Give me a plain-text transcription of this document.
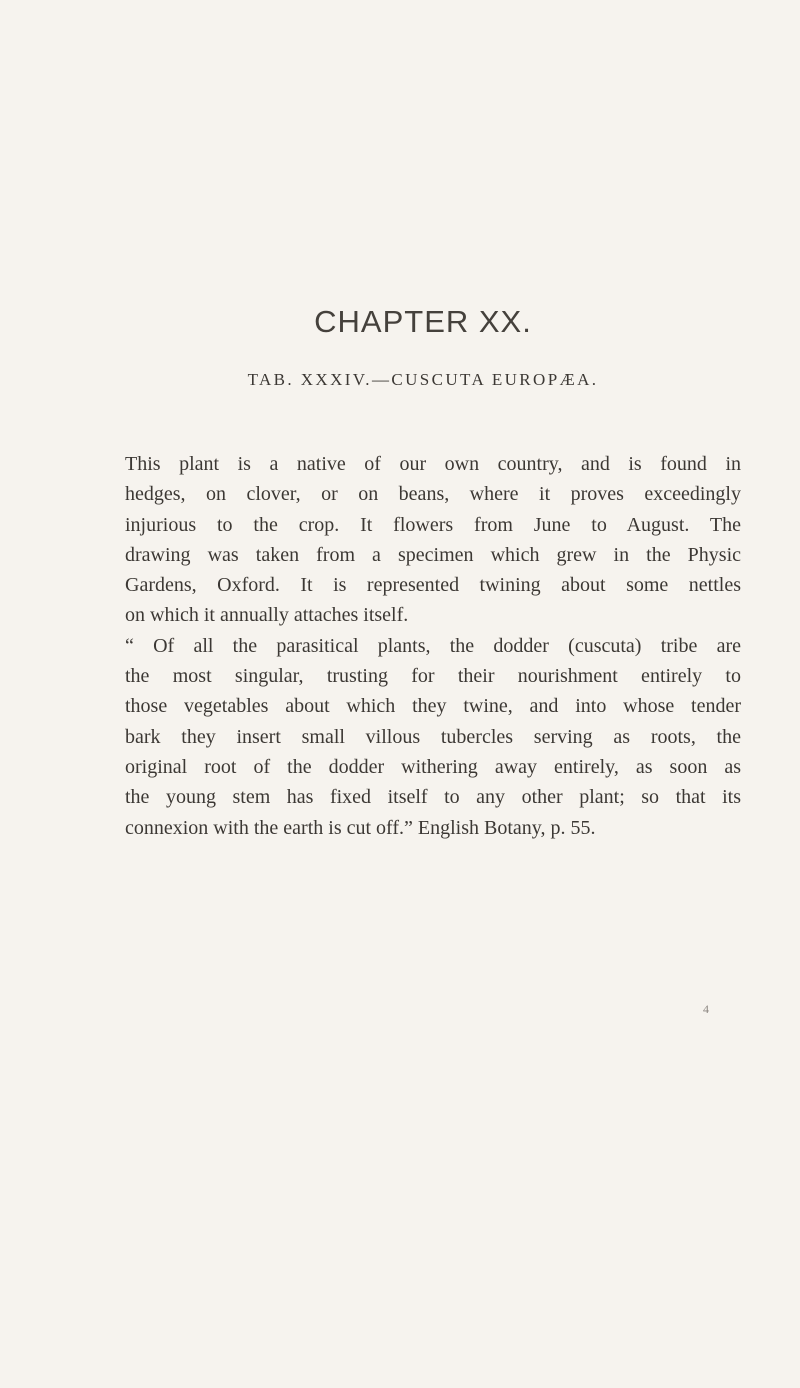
CHAPTER XX.
TAB. XXXIV.—CUSCUTA EUROPÆA.
This plant is a native of our own country, and is found in
hedges, on clover, or on beans, where it proves exceedingly
injurious to the crop. It flowers from June to August. The
drawing was taken from a specimen which grew in the Physic
Gardens, Oxford. It is represented twining about some nettles
on which it annually attaches itself.
“ Of all the parasitical plants, the dodder (cuscuta) tribe are
the most singular, trusting for their nourishment entirely to
those vegetables about which they twine, and into whose tender
bark they insert small villous tubercles serving as roots, the
original root of the dodder withering away entirely, as soon as
the young stem has fixed itself to any other plant; so that its
connexion with the earth is cut off.” English Botany, p. 55.
4
